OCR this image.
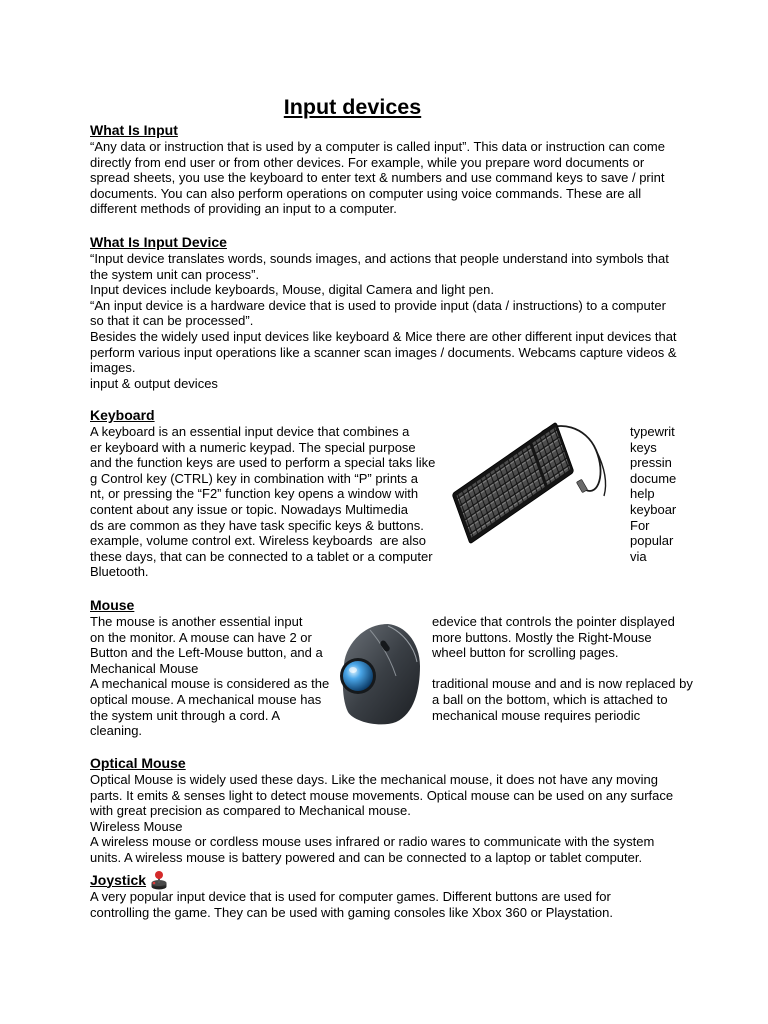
Input devices
What Is Input
“Any data or instruction that is used by a computer is called input”. This data or instruction can come
directly from end user or from other devices. For example, while you prepare word documents or
spread sheets, you use the keyboard to enter text & numbers and use command keys to save / print
documents. You can also perform operations on computer using voice commands. These are all
different methods of providing an input to a computer.
What Is Input Device
“Input device translates words, sounds images, and actions that people understand into symbols that
the system unit can process”.
Input devices include keyboards, Mouse, digital Camera and light pen.
“An input device is a hardware device that is used to provide input (data / instructions) to a computer
so that it can be processed”.
Besides the widely used input devices like keyboard & Mice there are other different input devices that
perform various input operations like a scanner scan images / documents. Webcams capture videos &
images.
input & output devices
Keyboard
A keyboard is an essential input device that combines a
er keyboard with a numeric keypad. The special purpose
and the function keys are used to perform a special taks like
g Control key (CTRL) key in combination with “P” prints a
nt, or pressing the “F2” function key opens a window with
content about any issue or topic. Nowadays Multimedia
ds are common as they have task specific keys & buttons.
example, volume control ext. Wireless keyboards  are also
these days, that can be connected to a tablet or a computer
Bluetooth.
typewrit
keys
pressin
docume
help
keyboar
For
popular
via
Mouse
The mouse is another essential input
on the monitor. A mouse can have 2 or
Button and the Left-Mouse button, and a
Mechanical Mouse
A mechanical mouse is considered as the
optical mouse. A mechanical mouse has
the system unit through a cord. A
cleaning.
edevice that controls the pointer displayed
more buttons. Mostly the Right-Mouse
wheel button for scrolling pages.
traditional mouse and and is now replaced by
a ball on the bottom, which is attached to
mechanical mouse requires periodic
Optical Mouse
Optical Mouse is widely used these days. Like the mechanical mouse, it does not have any moving
parts. It emits & senses light to detect mouse movements. Optical mouse can be used on any surface
with great precision as compared to Mechanical mouse.
Wireless Mouse
A wireless mouse or cordless mouse uses infrared or radio wares to communicate with the system
units. A wireless mouse is battery powered and can be connected to a laptop or tablet computer.
Joystick
A very popular input device that is used for computer games. Different buttons are used for
controlling the game. They can be used with gaming consoles like Xbox 360 or Playstation.
